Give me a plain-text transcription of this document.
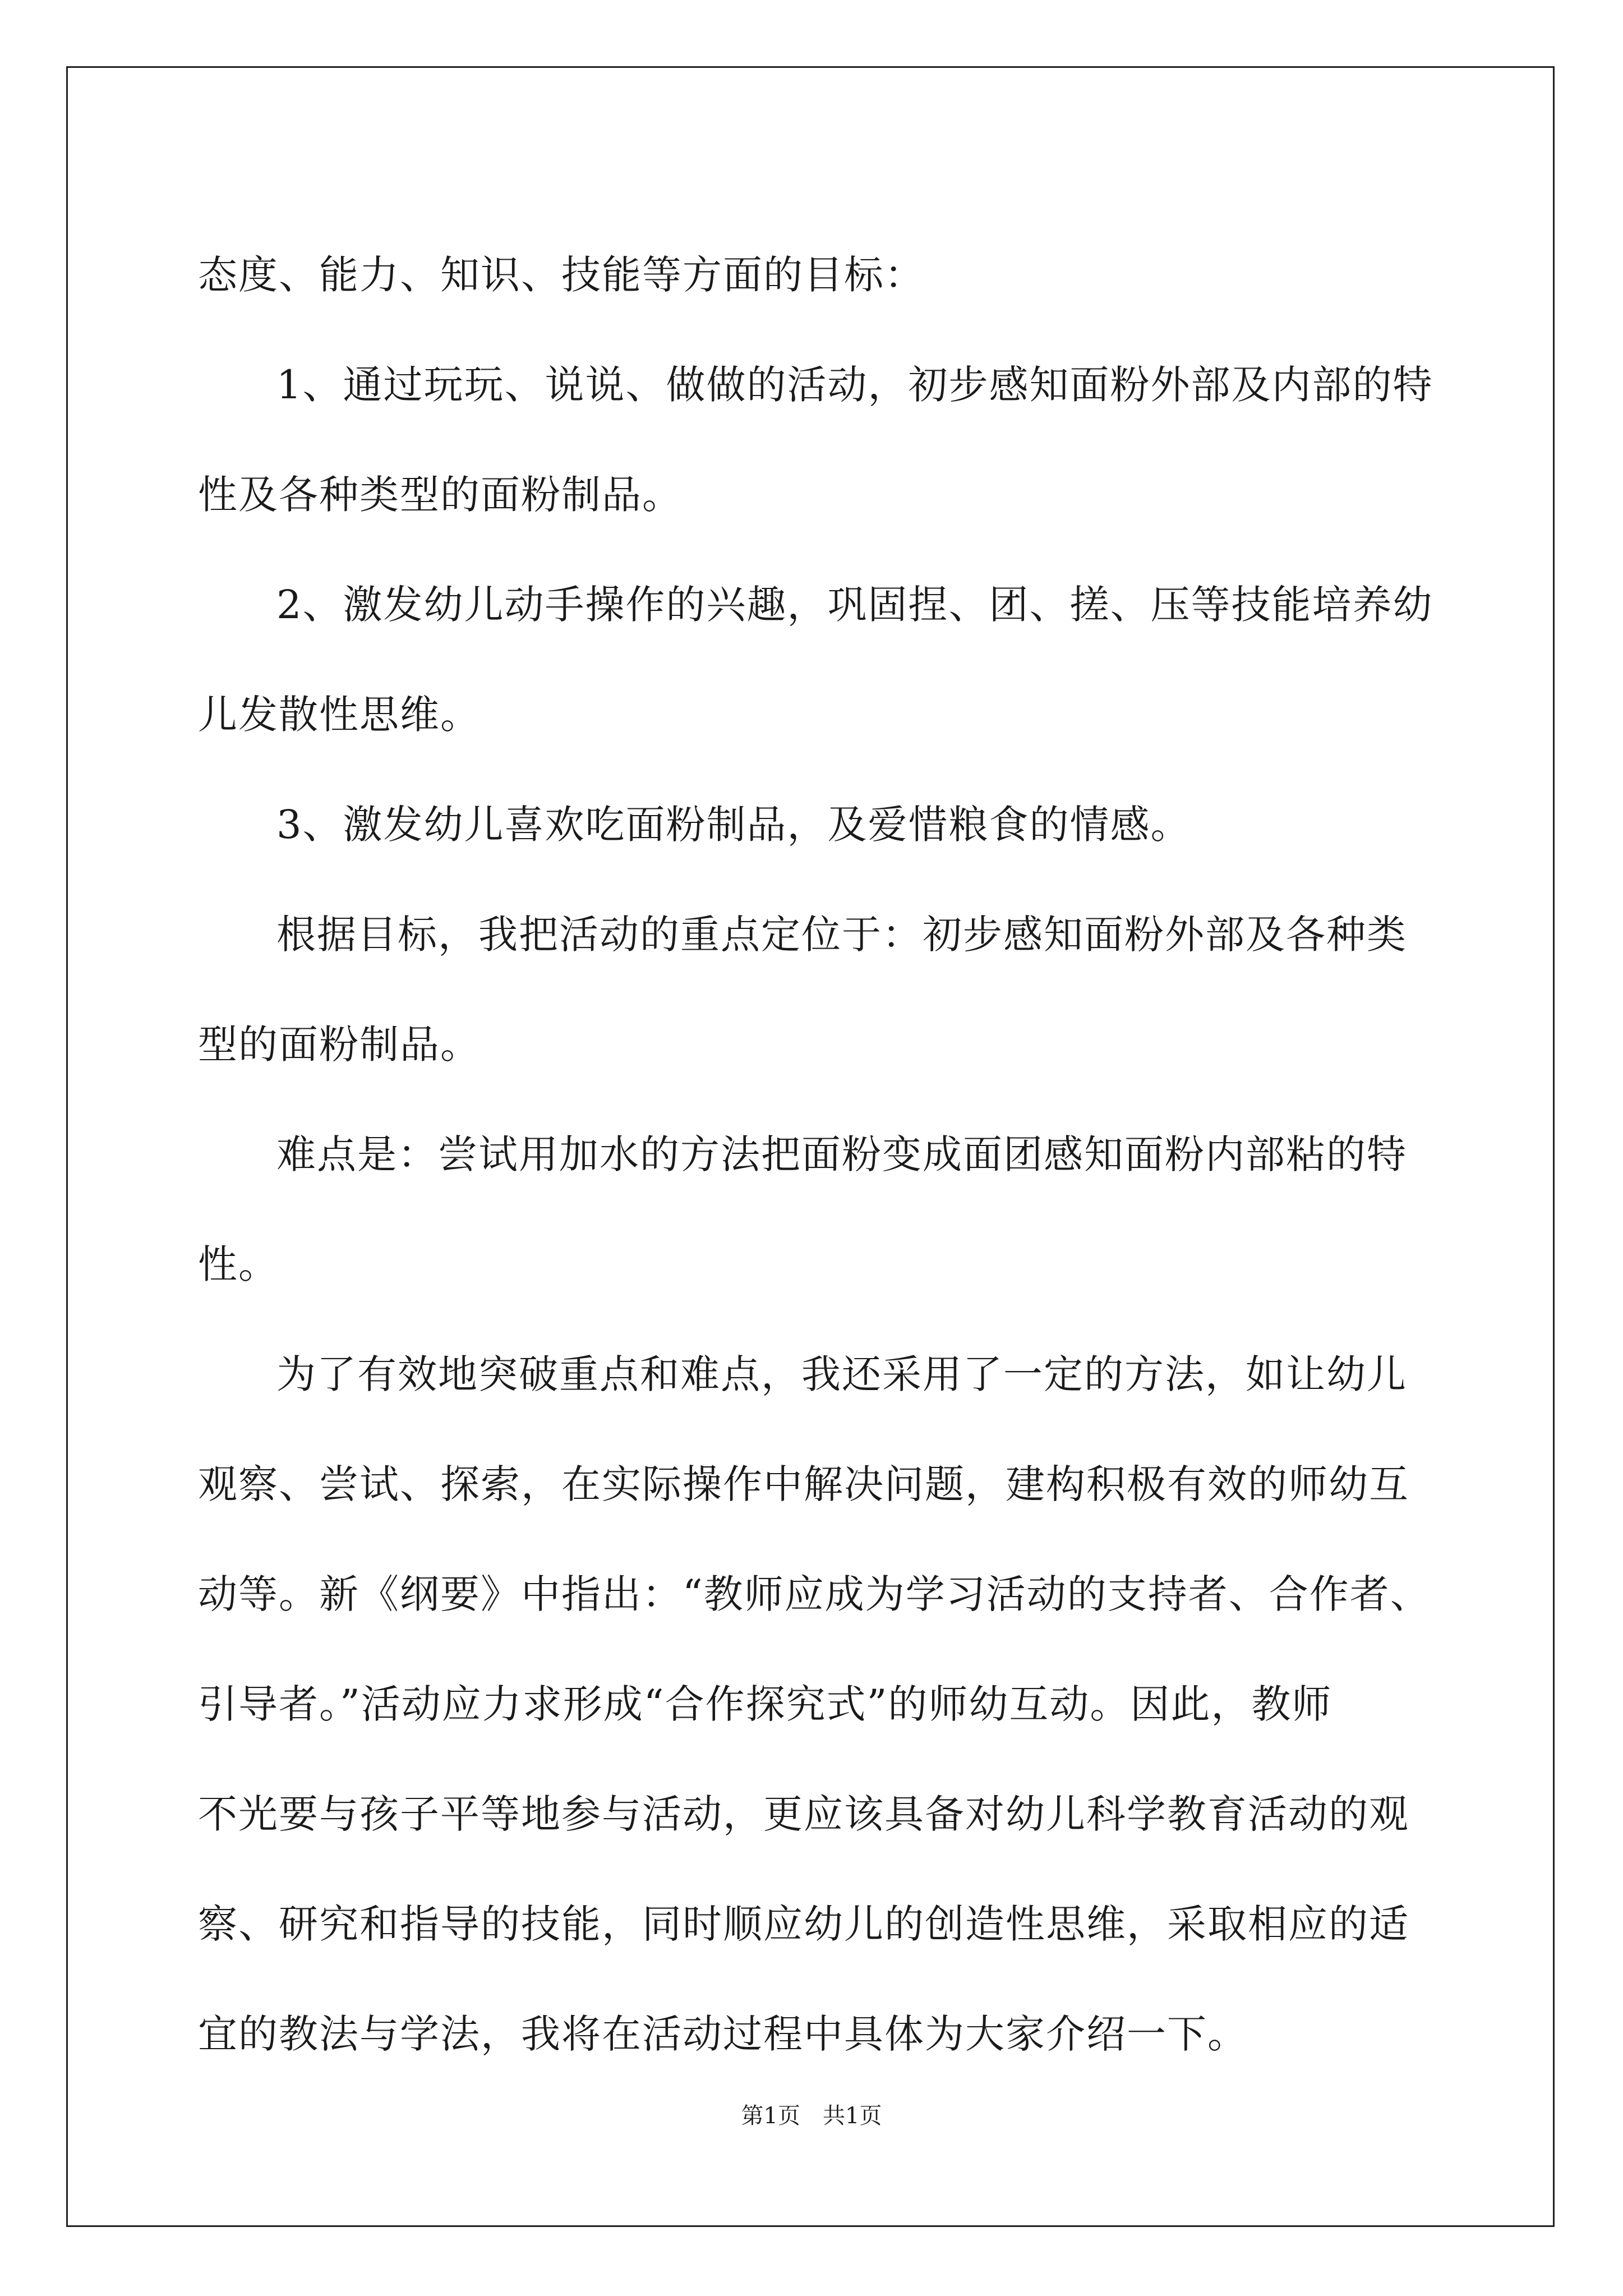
态度、能力、知识、技能等方面的目标：
1、通过玩玩、说说、做做的活动，初步感知面粉外部及内部的特
性及各种类型的面粉制品。
2、激发幼儿动手操作的兴趣，巩固捏、团、搓、压等技能培养幼
儿发散性思维。
3、激发幼儿喜欢吃面粉制品，及爱惜粮食的情感。
根据目标，我把活动的重点定位于：初步感知面粉外部及各种类
型的面粉制品。
难点是：尝试用加水的方法把面粉变成面团感知面粉内部粘的特
性。
为了有效地突破重点和难点，我还采用了一定的方法，如让幼儿
观察、尝试、探索，在实际操作中解决问题，建构积极有效的师幼互
动等。新《纲要》中指出：“教师应成为学习活动的支持者、合作者、
引导者。”活动应力求形成“合作探究式”的师幼互动。因此，教师
不光要与孩子平等地参与活动，更应该具备对幼儿科学教育活动的观
察、研究和指导的技能，同时顺应幼儿的创造性思维，采取相应的适
宜的教法与学法，我将在活动过程中具体为大家介绍一下。
第1页　共1页
